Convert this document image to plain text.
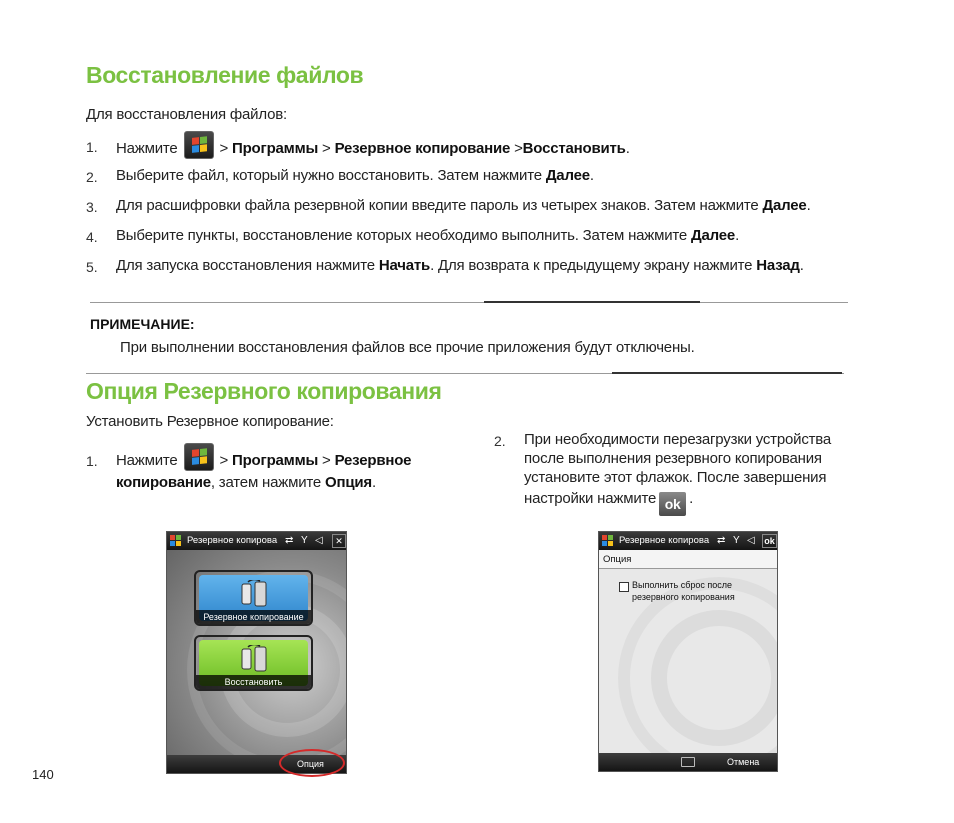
Восстановление файлов
Для восстановления файлов:
1. Нажмите	> Программы > Резервное копирование >Восстановить.
2. Выберите файл, который нужно восстановить. Затем нажмите Далее.
3. Для расшифровки файла резервной копии введите пароль из четырех знаков. Затем нажмите Далее.
4. Выберите пункты, восстановление которых необходимо выполнить. Затем нажмите Далее.
5. Для запуска восстановления нажмите Начать. Для возврата к предыдущему экрану нажмите Назад.
ПРИМЕЧАНИЕ:
При выполнении восстановления файлов все прочие приложения будут отключены.
Опция Резервного копирования
Установить Резервное копирование:
1. Нажмите	> Программы > Резервное
копирование, затем нажмите Опция.
2. При необходимости перезагрузки устройства
после выполнения резервного копирования
установите этот флажок. После завершения
настройки нажмите ok .
Резервное копирова ⇄ Y ◁	✕
Резервное копирование
Восстановить
Опция
Резервное копирова ⇄ Y ◁ ok
Опция
Выполнить сброс после
резервного копирования
Отмена
140
